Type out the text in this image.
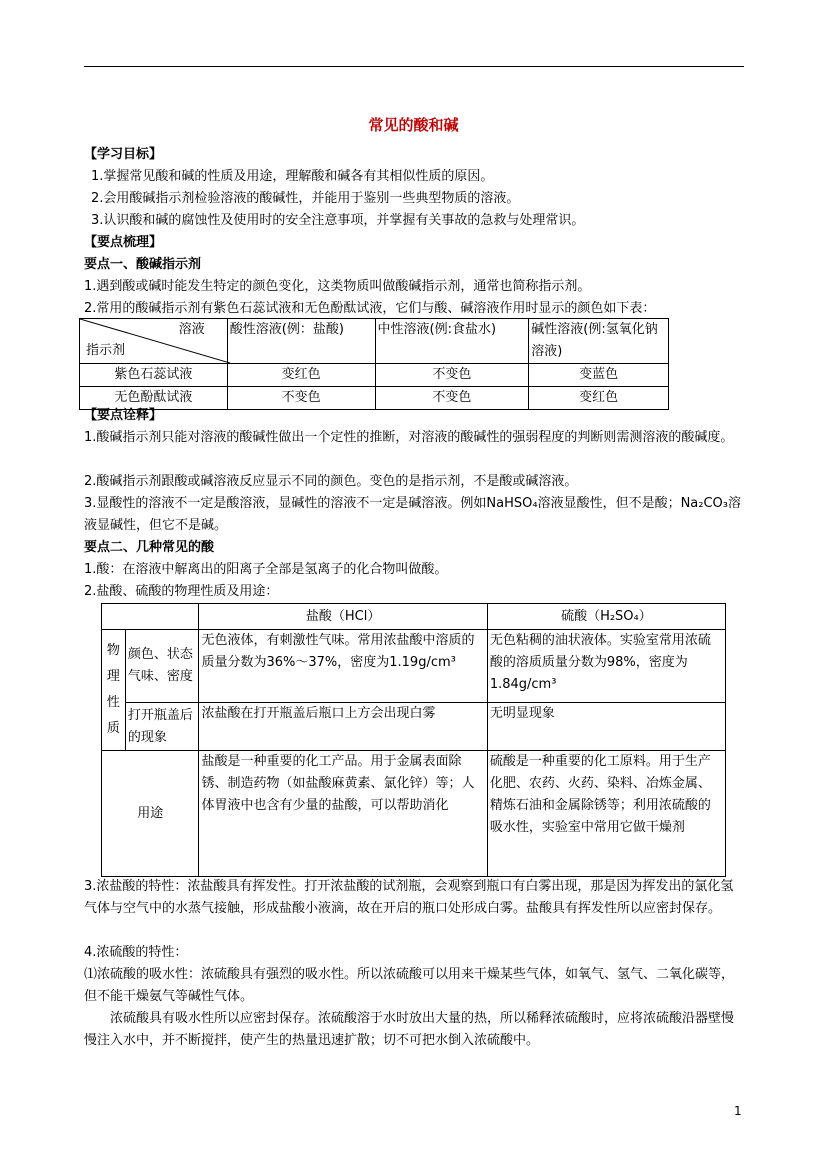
常见的酸和碱
【学习目标】
1.掌握常见酸和碱的性质及用途，理解酸和碱各有其相似性质的原因。
2.会用酸碱指示剂检验溶液的酸碱性，并能用于鉴别一些典型物质的溶液。
3.认识酸和碱的腐蚀性及使用时的安全注意事项，并掌握有关事故的急救与处理常识。
【要点梳理】
要点一、酸碱指示剂
1.遇到酸或碱时能发生特定的颜色变化，这类物质叫做酸碱指示剂，通常也简称指示剂。
2.常用的酸碱指示剂有紫色石蕊试液和无色酚酞试液，它们与酸、碱溶液作用时显示的颜色如下表：
溶液
指示剂	酸性溶液(例：盐酸)	中性溶液(例:食盐水)	碱性溶液(例:氢氧化钠溶液)
紫色石蕊试液	变红色	不变色	变蓝色
无色酚酞试液	不变色	不变色	变红色
【要点诠释】
1.酸碱指示剂只能对溶液的酸碱性做出一个定性的推断，对溶液的酸碱性的强弱程度的判断则需测溶液的酸碱度。
2.酸碱指示剂跟酸或碱溶液反应显示不同的颜色。变色的是指示剂，不是酸或碱溶液。
3.显酸性的溶液不一定是酸溶液，显碱性的溶液不一定是碱溶液。例如NaHSO₄溶液显酸性，但不是酸；Na₂CO₃溶液显碱性，但它不是碱。
要点二、几种常见的酸
1.酸：在溶液中解离出的阳离子全部是氢离子的化合物叫做酸。
2.盐酸、硫酸的物理性质及用途：
		盐酸（HCl）	硫酸（H₂SO₄）
物理性质	颜色、状态气味、密度	无色液体，有刺激性气味。常用浓盐酸中溶质的质量分数为36%～37%，密度为1.19g/cm³	无色粘稠的油状液体。实验室常用浓硫酸的溶质质量分数为98%，密度为1.84g/cm³
	打开瓶盖后的现象	浓盐酸在打开瓶盖后瓶口上方会出现白雾	无明显现象
用途		盐酸是一种重要的化工产品。用于金属表面除锈、制造药物（如盐酸麻黄素、氯化锌）等；人体胃液中也含有少量的盐酸，可以帮助消化	硫酸是一种重要的化工原料。用于生产化肥、农药、火药、染料、冶炼金属、精炼石油和金属除锈等；利用浓硫酸的吸水性，实验室中常用它做干燥剂
3.浓盐酸的特性：浓盐酸具有挥发性。打开浓盐酸的试剂瓶，会观察到瓶口有白雾出现，那是因为挥发出的氯化氢气体与空气中的水蒸气接触，形成盐酸小液滴，故在开启的瓶口处形成白雾。盐酸具有挥发性所以应密封保存。
4.浓硫酸的特性：
⑴浓硫酸的吸水性：浓硫酸具有强烈的吸水性。所以浓硫酸可以用来干燥某些气体，如氧气、氢气、二氧化碳等，但不能干燥氨气等碱性气体。
浓硫酸具有吸水性所以应密封保存。浓硫酸溶于水时放出大量的热，所以稀释浓硫酸时，应将浓硫酸沿器壁慢慢注入水中，并不断搅拌，使产生的热量迅速扩散；切不可把水倒入浓硫酸中。
1
